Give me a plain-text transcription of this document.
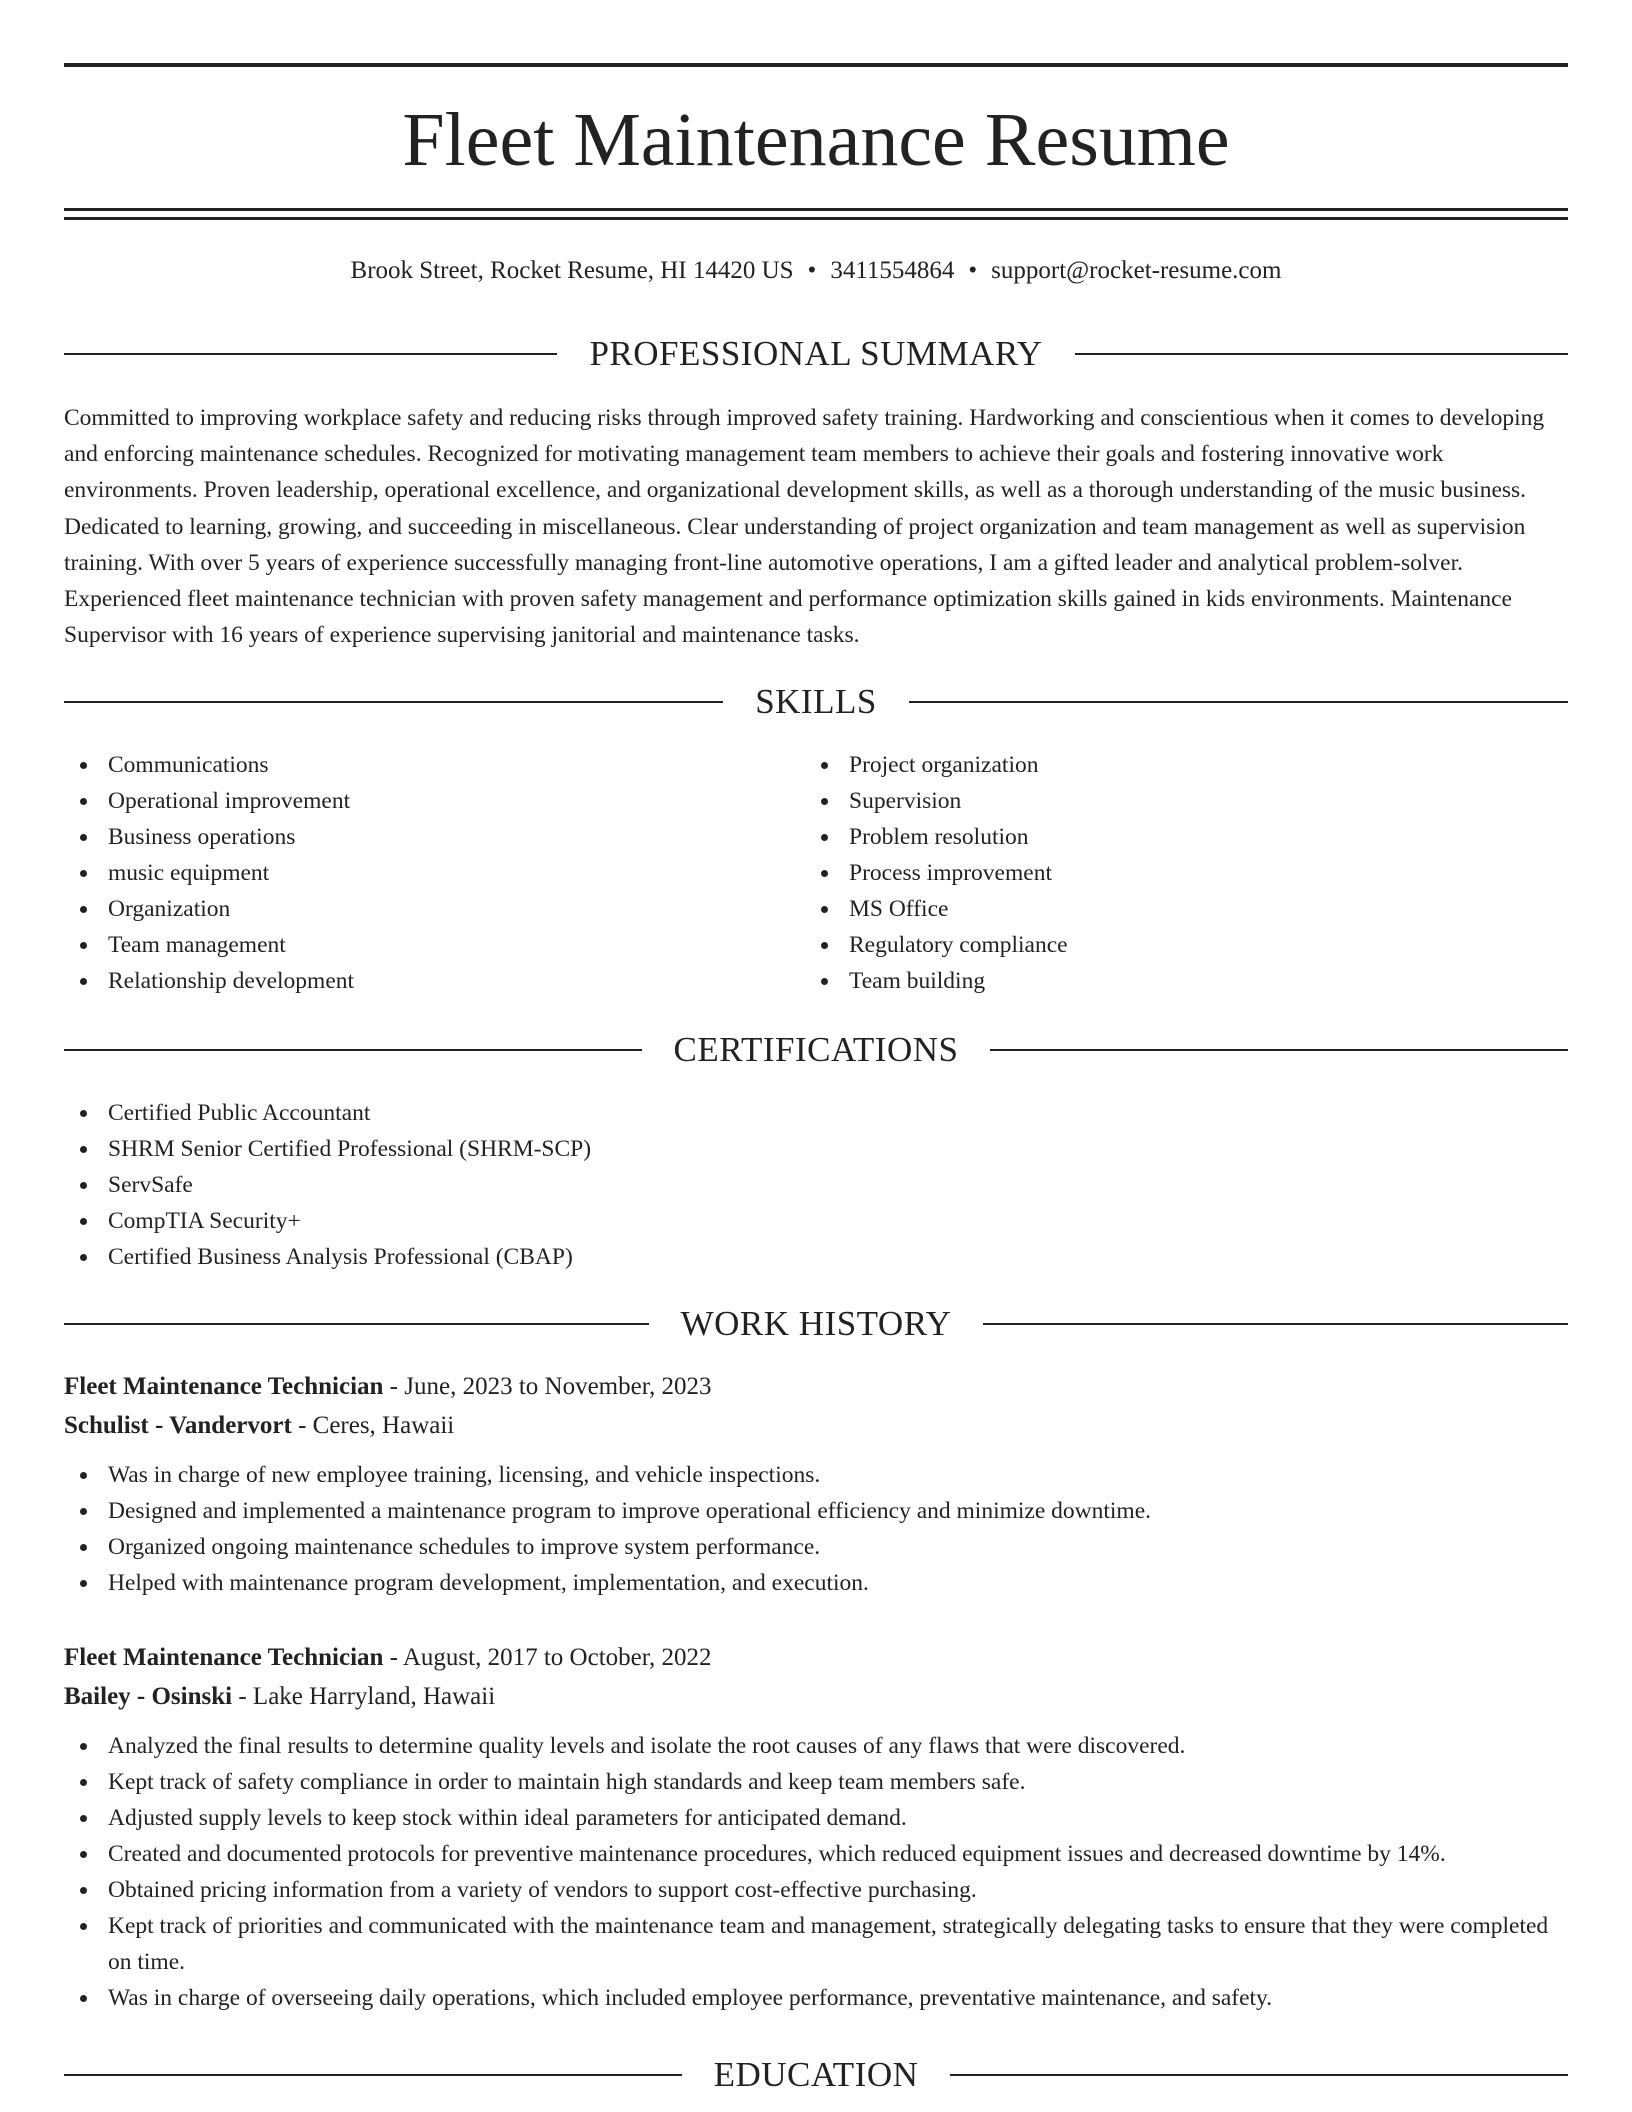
Fleet Maintenance Resume
Brook Street, Rocket Resume, HI 14420 US • 3411554864 • support@rocket-resume.com
PROFESSIONAL SUMMARY

Committed to improving workplace safety and reducing risks through improved safety training. Hardworking and conscientious when it comes to developing and enforcing maintenance schedules. Recognized for motivating management team members to achieve their goals and fostering innovative work environments. Proven leadership, operational excellence, and organizational development skills, as well as a thorough understanding of the music business. Dedicated to learning, growing, and succeeding in miscellaneous. Clear understanding of project organization and team management as well as supervision training. With over 5 years of experience successfully managing front-line automotive operations, I am a gifted leader and analytical problem-solver. Experienced fleet maintenance technician with proven safety management and performance optimization skills gained in kids environments. Maintenance Supervisor with 16 years of experience supervising janitorial and maintenance tasks.

SKILLS
Communications
Operational improvement
Business operations
music equipment
Organization
Team management
Relationship development
Project organization
Supervision
Problem resolution
Process improvement
MS Office
Regulatory compliance
Team building
CERTIFICATIONS
Certified Public Accountant
SHRM Senior Certified Professional (SHRM-SCP)
ServSafe
CompTIA Security+
Certified Business Analysis Professional (CBAP)
WORK HISTORY
Fleet Maintenance Technician - June, 2023 to November, 2023
Schulist - Vandervort - Ceres, Hawaii
Was in charge of new employee training, licensing, and vehicle inspections.
Designed and implemented a maintenance program to improve operational efficiency and minimize downtime.
Organized ongoing maintenance schedules to improve system performance.
Helped with maintenance program development, implementation, and execution.
Fleet Maintenance Technician - August, 2017 to October, 2022
Bailey - Osinski - Lake Harryland, Hawaii
Analyzed the final results to determine quality levels and isolate the root causes of any flaws that were discovered.
Kept track of safety compliance in order to maintain high standards and keep team members safe.
Adjusted supply levels to keep stock within ideal parameters for anticipated demand.
Created and documented protocols for preventive maintenance procedures, which reduced equipment issues and decreased downtime by 14%.
Obtained pricing information from a variety of vendors to support cost-effective purchasing.
Kept track of priorities and communicated with the maintenance team and management, strategically delegating tasks to ensure that they were completed on time.
Was in charge of overseeing daily operations, which included employee performance, preventative maintenance, and safety.
EDUCATION
